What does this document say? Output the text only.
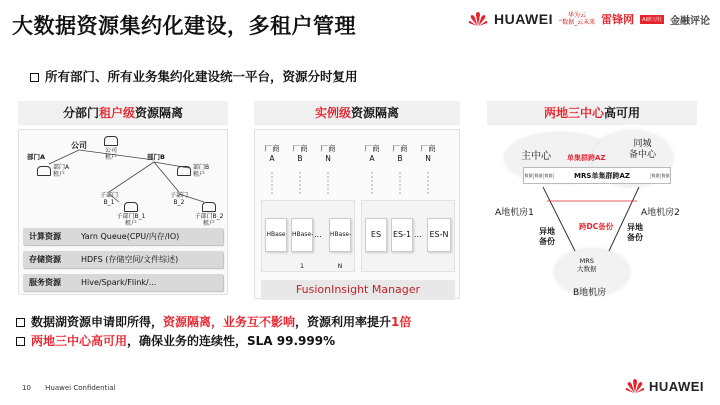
大数据资源集约化建设，多租户管理	HUAWEI	华为云
“数据_云未来 雷锋网	AI研习社 金融评论
所有部门、所有业务集约化建设统一平台，资源分时复用
分部门租户级资源隔离
公司
公司
租户
部门A	部门B
部门A
租户
部门B
租户
子部门
B_1
子部门B_1
租户
子部门
B_2
子部门B_2
租户
计算资源	Yarn Queue(CPU/内存/IO)
存储资源	HDFS (存储空间/文件综述)
服务资源	Hive/Spark/Flink/...
实例级资源隔离
厂商
A
厂商
B
厂商
N
厂商
A
厂商
B
厂商
N
HBase HBase-1
... HBase-N
ES	ES-1 ... ES-N
FusionInsight Manager
两地三中心高可用
主中心
同城
备中心
单集群跨AZ
数据 数据 数据	MRS单集群跨AZ	数据 数据
A地机房1	A地机房2
跨DC备份
异地
备份
异地
备份
MRS
大数据
B地机房
数据湖资源申请即所得，资源隔离，业务互不影响，资源利用率提升1倍
两地三中心高可用，确保业务的连续性，SLA 99.999%
10 Huawei Confidential	HUAWEI
